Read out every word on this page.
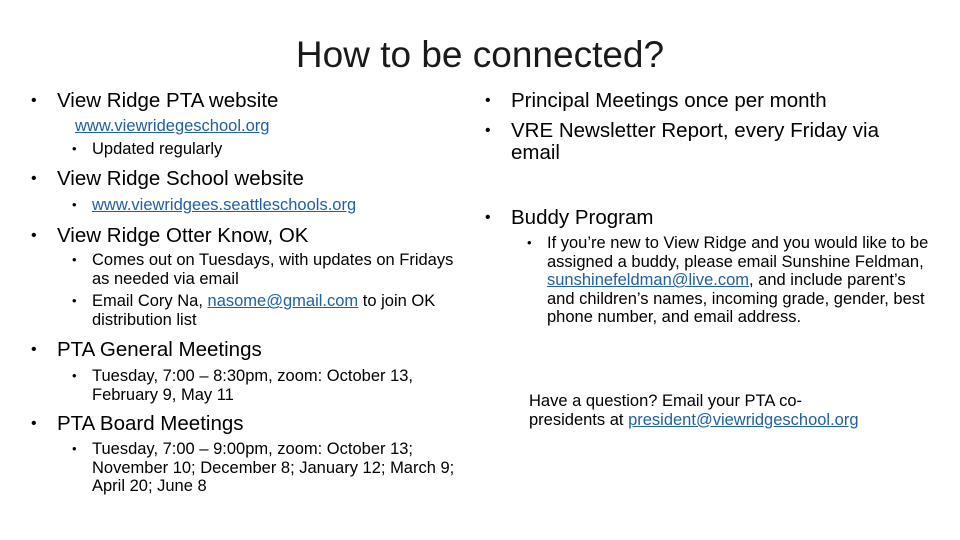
How to be connected?
• View Ridge PTA website
www.viewridegeschool.org
• Updated regularly
• View Ridge School website
• www.viewridgees.seattleschools.org
• View Ridge Otter Know, OK
• Comes out on Tuesdays, with updates on Fridays as needed via email
• Email Cory Na, nasome@gmail.com to join OK distribution list
• PTA General Meetings
• Tuesday, 7:00 – 8:30pm, zoom: October 13, February 9, May 11
• PTA Board Meetings
• Tuesday, 7:00 – 9:00pm, zoom: October 13; November 10; December 8; January 12; March 9; April 20; June 8
• Principal Meetings once per month
• VRE Newsletter Report, every Friday via email
• Buddy Program
• If you’re new to View Ridge and you would like to be assigned a buddy, please email Sunshine Feldman, sunshinefeldman@live.com, and include parent’s and children’s names, incoming grade, gender, best phone number, and email address.
Have a question? Email your PTA co-presidents at president@viewridgeschool.org
